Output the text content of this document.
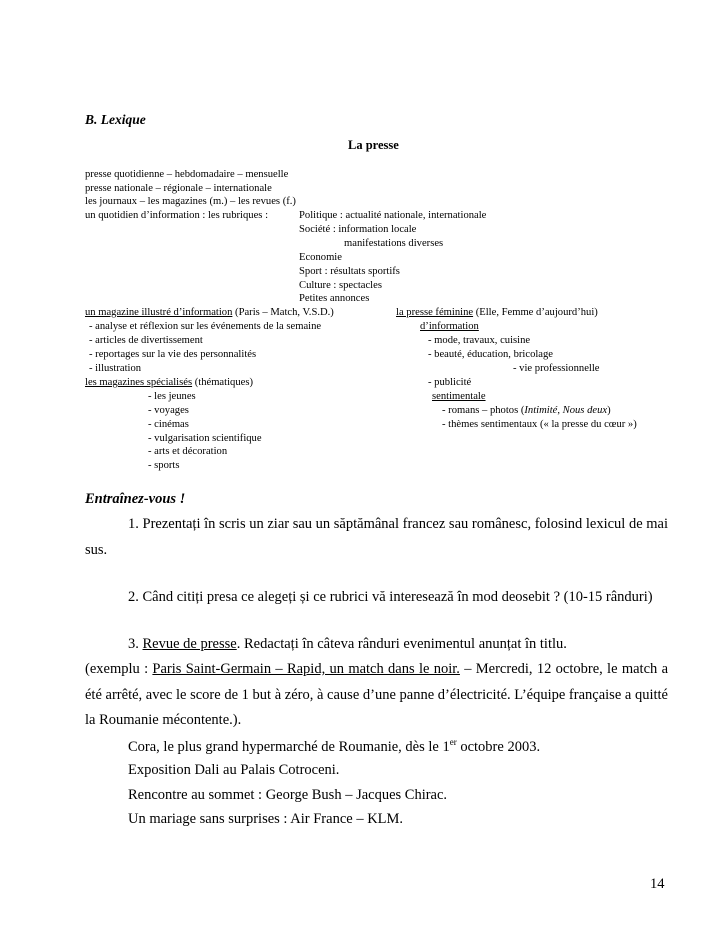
B. Lexique
La presse
presse quotidienne – hebdomadaire – mensuelle
presse nationale – régionale – internationale
les journaux – les magazines (m.) – les revues (f.)
un quotidien d’information : les rubriques :	Politique : actualité nationale, internationale
Société : information locale
manifestations diverses
Economie
Sport : résultats sportifs
Culture : spectacles
Petites annonces
un magazine illustré d’information (Paris – Match, V.S.D.)
- analyse et réflexion sur les événements de la semaine
- articles de divertissement
- reportages sur la vie des personnalités
- illustration
la presse féminine (Elle, Femme d’aujourd’hui)
d’information
- mode, travaux, cuisine
- beauté, éducation, bricolage
- vie professionnelle
- publicité
sentimentale
- romans – photos (Intimité, Nous deux)
- thèmes sentimentaux (« la presse du cœur »)
les magazines spécialisés (thématiques)
- les jeunes
- voyages
- cinémas
- vulgarisation scientifique
- arts et décoration
- sports
Entraînez-vous !
1. Prezentați în scris un ziar sau un săptămânal francez sau românesc, folosind lexicul de mai
sus.
2. Când citiți presa ce alegeți și ce rubrici vă interesează în mod deosebit ? (10-15 rânduri)
3. Revue de presse. Redactați în câteva rânduri evenimentul anunțat în titlu.
(exemplu : Paris Saint-Germain – Rapid, un match dans le noir. – Mercredi, 12 octobre, le match a
été arrêté, avec le score de 1 but à zéro, à cause d’une panne d’électricité. L’équipe française a quitté
la Roumanie mécontente.).
Cora, le plus grand hypermarché de Roumanie, dès le 1er octobre 2003.
Exposition Dali au Palais Cotroceni.
Rencontre au sommet : George Bush – Jacques Chirac.
Un mariage sans surprises : Air France – KLM.
14
